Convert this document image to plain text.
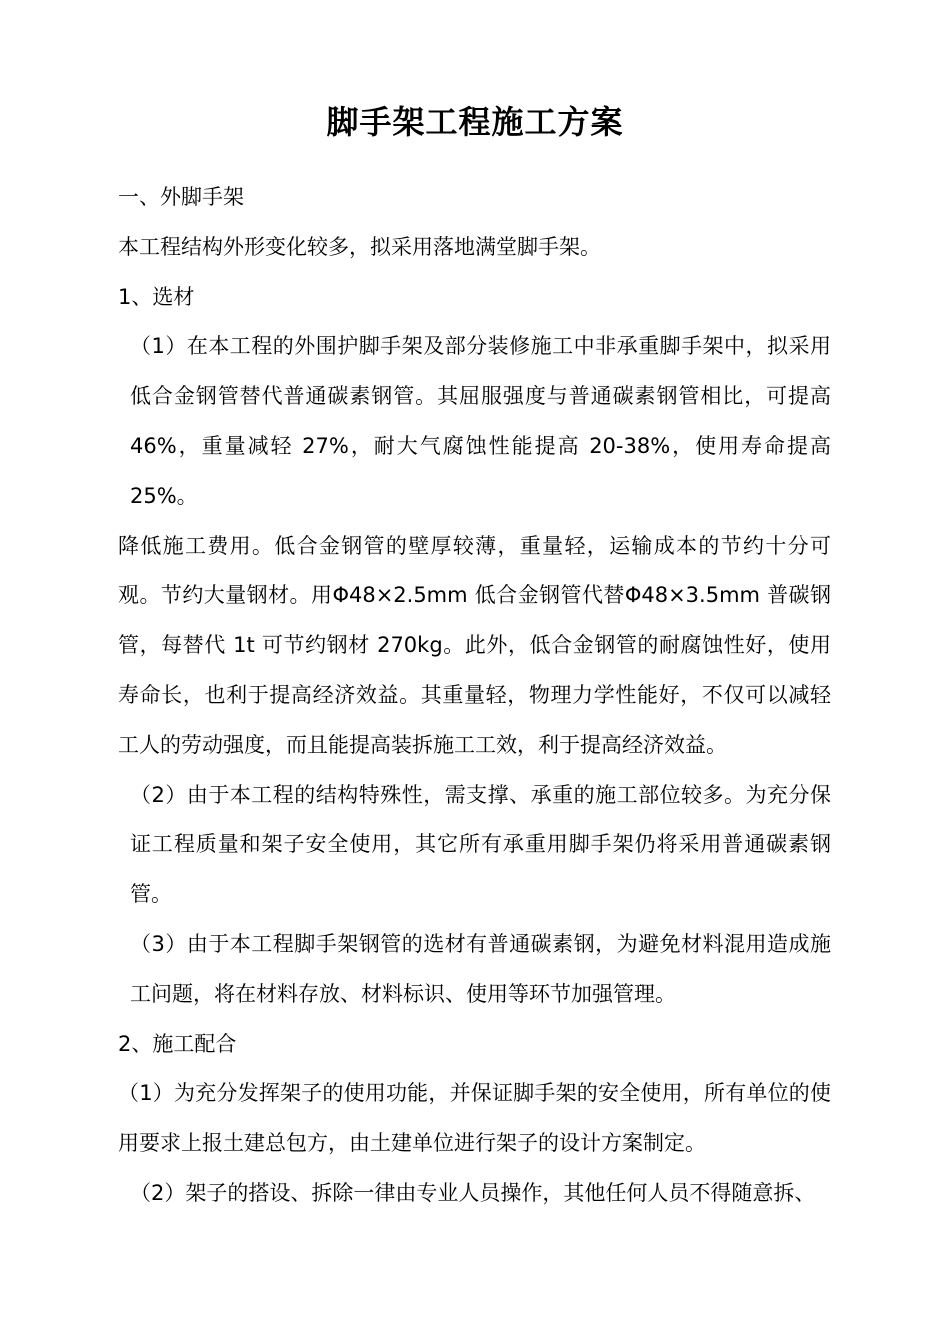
脚手架工程施工方案

一、外脚手架

本工程结构外形变化较多，拟采用落地满堂脚手架。

1、选材

（1）在本工程的外围护脚手架及部分装修施工中非承重脚手架中，拟采用低合金钢管替代普通碳素钢管。其屈服强度与普通碳素钢管相比，可提高 46%，重量减轻 27%，耐大气腐蚀性能提高 20-38%，使用寿命提高 25%。

降低施工费用。低合金钢管的壁厚较薄，重量轻，运输成本的节约十分可观。节约大量钢材。用Φ48×2.5mm 低合金钢管代替Φ48×3.5mm 普碳钢管，每替代 1t 可节约钢材 270kg。此外，低合金钢管的耐腐蚀性好，使用寿命长，也利于提高经济效益。其重量轻，物理力学性能好，不仅可以减轻工人的劳动强度，而且能提高装拆施工工效，利于提高经济效益。

（2）由于本工程的结构特殊性，需支撑、承重的施工部位较多。为充分保证工程质量和架子安全使用，其它所有承重用脚手架仍将采用普通碳素钢管。

（3）由于本工程脚手架钢管的选材有普通碳素钢，为避免材料混用造成施工问题，将在材料存放、材料标识、使用等环节加强管理。

2、施工配合

（1）为充分发挥架子的使用功能，并保证脚手架的安全使用，所有单位的使用要求上报土建总包方，由土建单位进行架子的设计方案制定。

（2）架子的搭设、拆除一律由专业人员操作，其他任何人员不得随意拆、
